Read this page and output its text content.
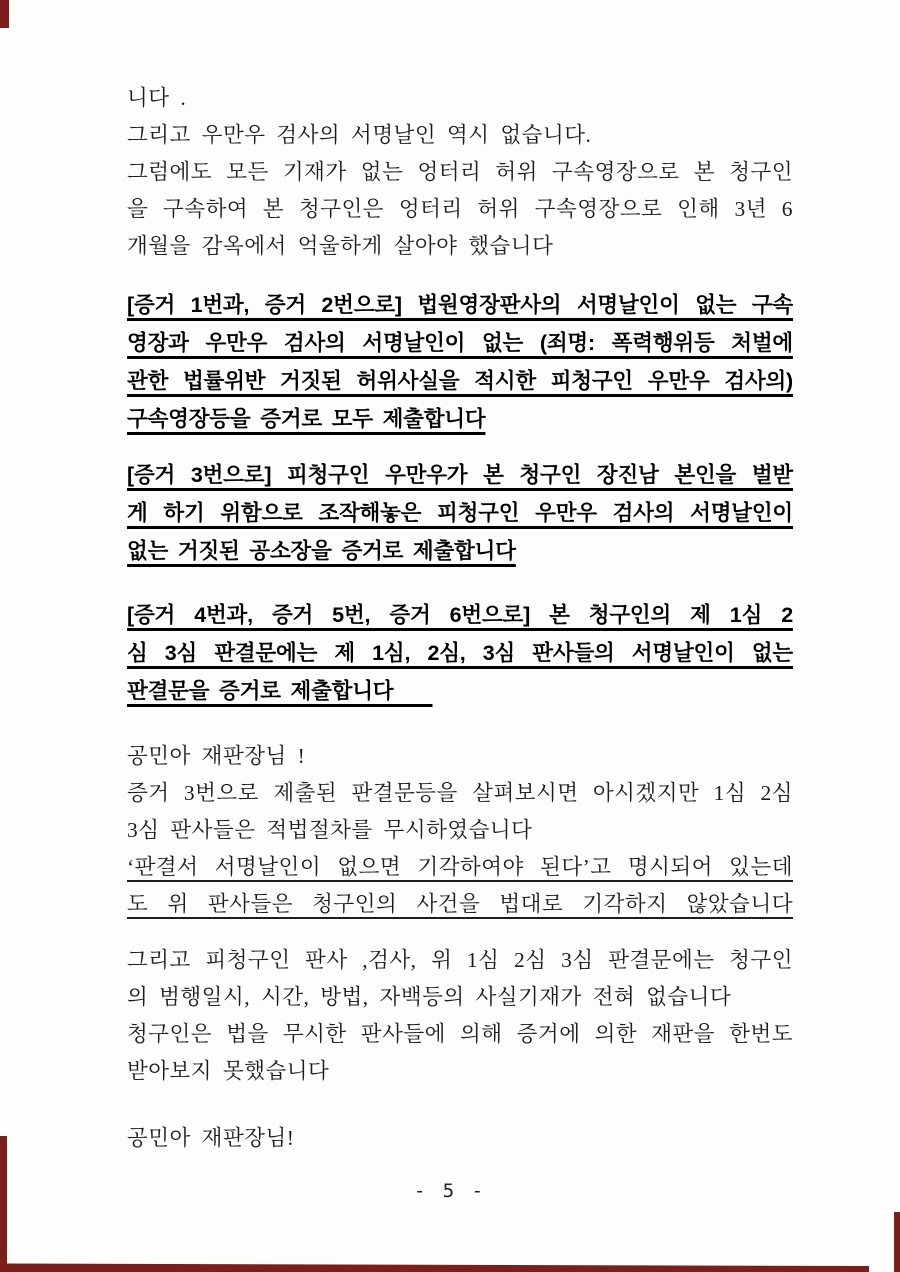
니다 .
그리고 우만우 검사의 서명날인 역시 없습니다.
그럼에도 모든 기재가 없는 엉터리 허위 구속영장으로 본 청구인
을 구속하여 본 청구인은 엉터리 허위 구속영장으로 인해 3년 6
개월을 감옥에서 억울하게 살아야 했습니다
[증거 1번과, 증거 2번으로] 법원영장판사의 서명날인이 없는 구속
영장과 우만우 검사의 서명날인이 없는 (죄명: 폭력행위등 처벌에
관한 법률위반 거짓된 허위사실을 적시한 피청구인 우만우 검사의)
구속영장등을 증거로 모두 제출합니다
[증거 3번으로] 피청구인 우만우가 본 청구인 장진남 본인을 벌받
게 하기 위함으로 조작해놓은 피청구인 우만우 검사의 서명날인이
없는 거짓된 공소장을 증거로 제출합니다
[증거 4번과, 증거 5번, 증거 6번으로] 본 청구인의 제 1심 2
심 3심 판결문에는 제 1심, 2심, 3심 판사들의 서명날인이 없는
판결문을 증거로 제출합니다
공민아 재판장님 !
증거 3번으로 제출된 판결문등을 살펴보시면 아시겠지만 1심 2심
3심 판사들은 적법절차를 무시하였습니다
‘판결서 서명날인이 없으면 기각하여야 된다’고 명시되어 있는데
도 위 판사들은 청구인의 사건을 법대로 기각하지 않았습니다
그리고 피청구인 판사 ,검사, 위 1심 2심 3심 판결문에는 청구인
의 범행일시, 시간, 방법, 자백등의 사실기재가 전혀 없습니다
청구인은 법을 무시한 판사들에 의해 증거에 의한 재판을 한번도
받아보지 못했습니다
공민아 재판장님!
- 5 -
